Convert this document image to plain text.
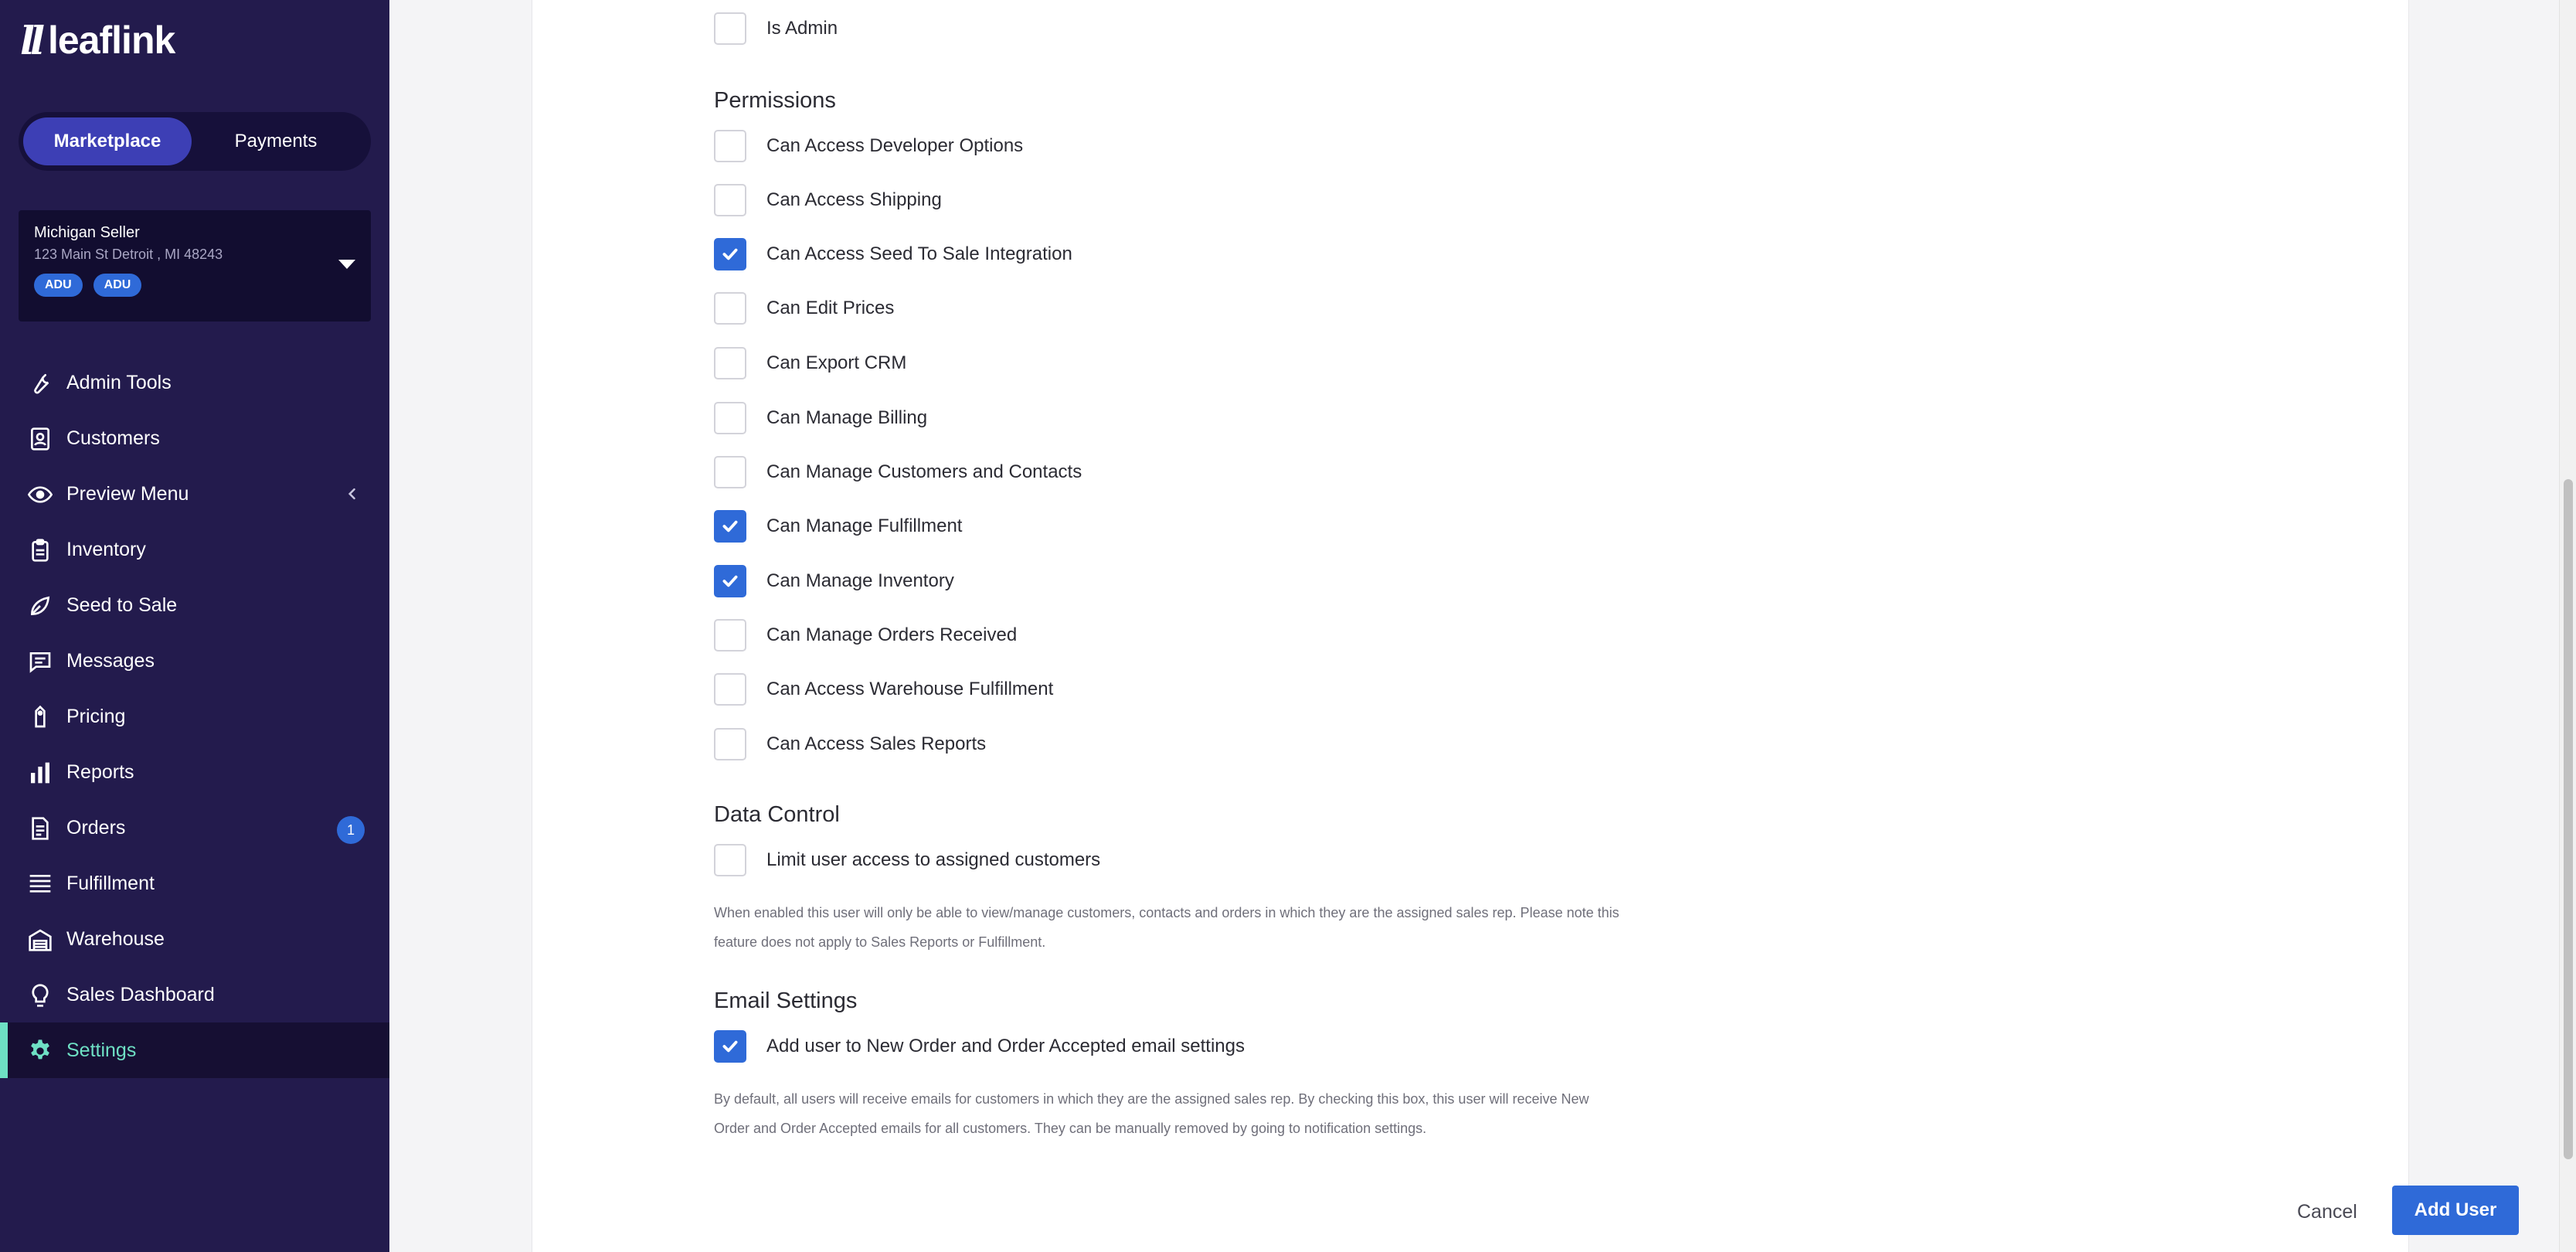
ll leaflink
Marketplace	Payments
Michigan Seller
123 Main St Detroit , MI 48243
ADU	ADU
Admin Tools
Customers
Preview Menu
Inventory
Seed to Sale
Messages
Pricing
Reports
Orders	1
Fulfillment
Warehouse
Sales Dashboard
Settings
Is Admin
Permissions
Can Access Developer Options
Can Access Shipping
Can Access Seed To Sale Integration
Can Edit Prices
Can Export CRM
Can Manage Billing
Can Manage Customers and Contacts
Can Manage Fulfillment
Can Manage Inventory
Can Manage Orders Received
Can Access Warehouse Fulfillment
Can Access Sales Reports
Data Control
Limit user access to assigned customers
When enabled this user will only be able to view/manage customers, contacts and orders in which they are the assigned sales rep. Please note this feature does not apply to Sales Reports or Fulfillment.
Email Settings
Add user to New Order and Order Accepted email settings
By default, all users will receive emails for customers in which they are the assigned sales rep. By checking this box, this user will receive New Order and Order Accepted emails for all customers. They can be manually removed by going to notification settings.
Cancel	Add User
